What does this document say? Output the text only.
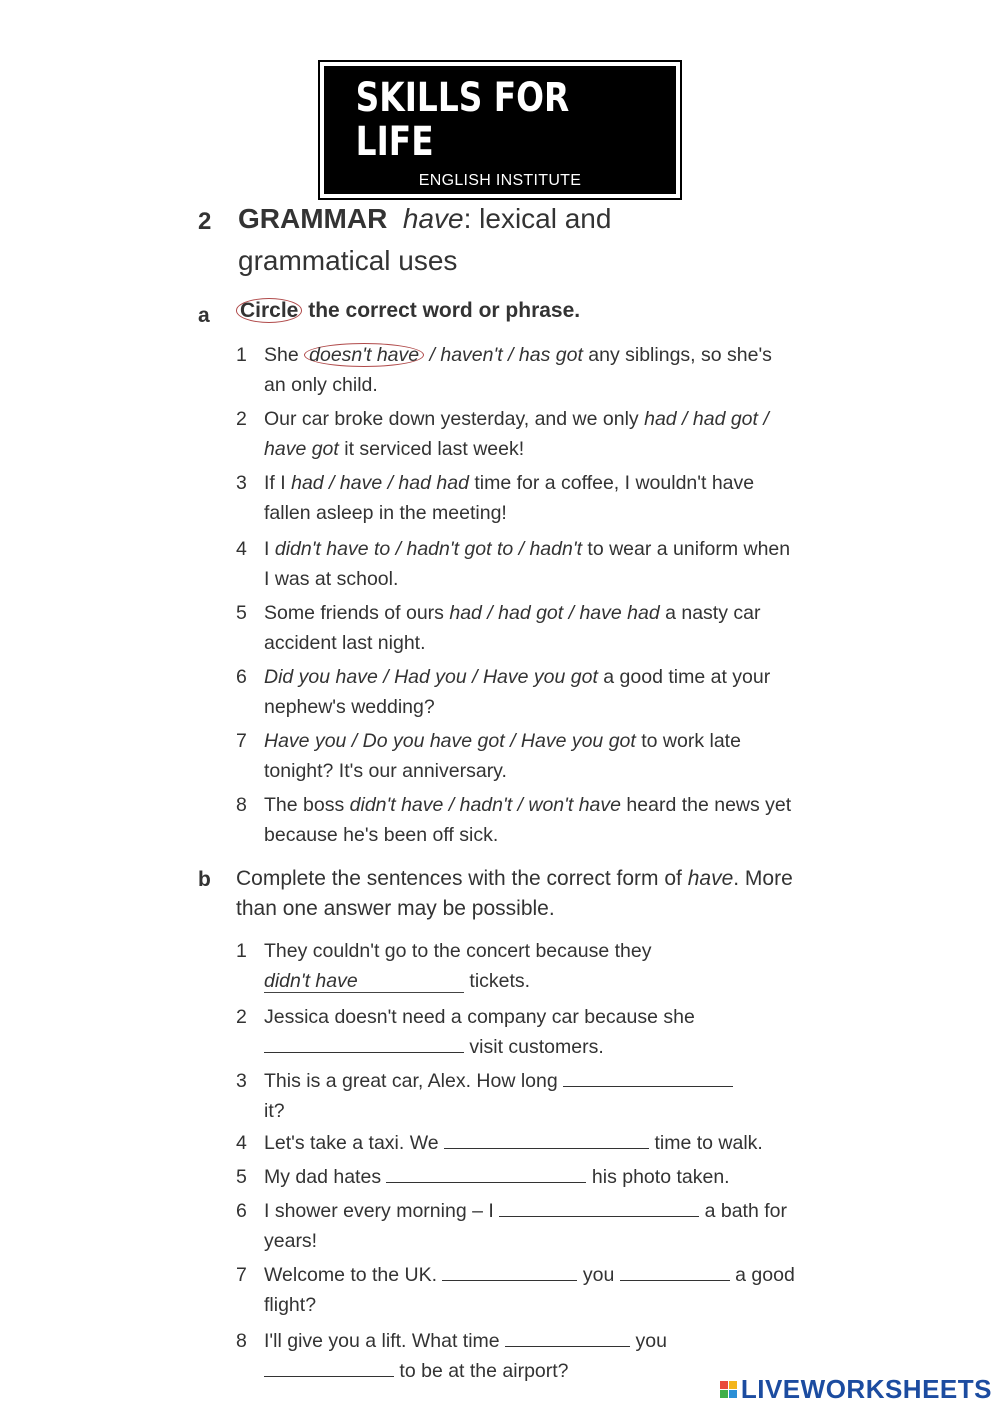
SKILLS FOR LIFE
ENGLISH INSTITUTE
2 GRAMMAR have: lexical and grammatical uses
a Circle the correct word or phrase.
1 She doesn't have / haven't / has got any siblings, so she's an only child.
2 Our car broke down yesterday, and we only had / had got / have got it serviced last week!
3 If I had / have / had had time for a coffee, I wouldn't have fallen asleep in the meeting!
4 I didn't have to / hadn't got to / hadn't to wear a uniform when I was at school.
5 Some friends of ours had / had got / have had a nasty car accident last night.
6 Did you have / Had you / Have you got a good time at your nephew's wedding?
7 Have you / Do you have got / Have you got to work late tonight? It's our anniversary.
8 The boss didn't have / hadn't / won't have heard the news yet because he's been off sick.
b Complete the sentences with the correct form of have. More than one answer may be possible.
1 They couldn't go to the concert because they
didn't have	tickets.
2 Jessica doesn't need a company car because she
visit customers.
3 This is a great car, Alex. How long
it?
4 Let's take a taxi. We	time to walk.
5 My dad hates	his photo taken.
6 I shower every morning – I	a bath for years!
7 Welcome to the UK.	you	a good flight?
8 I'll give you a lift. What time	you  to be at the airport?
LIVEWORKSHEETS
